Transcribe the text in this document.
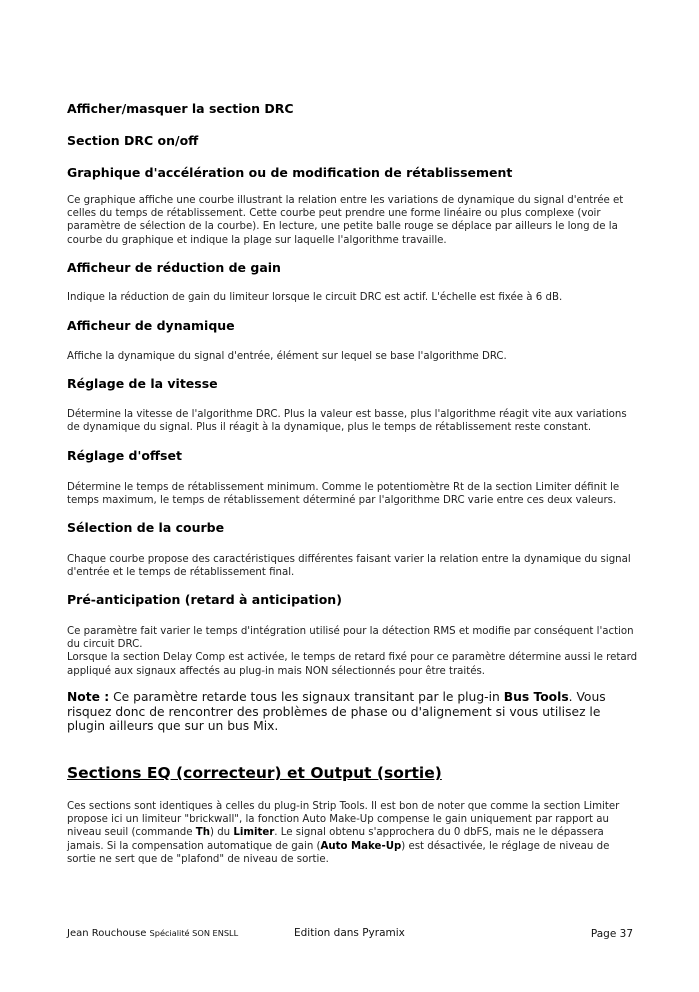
Afficher/masquer la section DRC
Section DRC on/off
Graphique d'accélération ou de modification de rétablissement
Ce graphique affiche une courbe illustrant la relation entre les variations de dynamique du signal d'entrée et celles du temps de rétablissement. Cette courbe peut prendre une forme linéaire ou plus complexe (voir paramètre de sélection de la courbe). En lecture, une petite balle rouge se déplace par ailleurs le long de la courbe du graphique et indique la plage sur laquelle l'algorithme travaille.
Afficheur de réduction de gain
Indique la réduction de gain du limiteur lorsque le circuit DRC est actif. L'échelle est fixée à 6 dB.
Afficheur de dynamique
Affiche la dynamique du signal d'entrée, élément sur lequel se base l'algorithme DRC.
Réglage de la vitesse
Détermine la vitesse de l'algorithme DRC. Plus la valeur est basse, plus l'algorithme réagit vite aux variations de dynamique du signal. Plus il réagit à la dynamique, plus le temps de rétablissement reste constant.
Réglage d'offset
Détermine le temps de rétablissement minimum. Comme le potentiomètre Rt de la section Limiter définit le temps maximum, le temps de rétablissement déterminé par l'algorithme DRC varie entre ces deux valeurs.
Sélection de la courbe
Chaque courbe propose des caractéristiques différentes faisant varier la relation entre la dynamique du signal d'entrée et le temps de rétablissement final.
Pré-anticipation (retard à anticipation)
Ce paramètre fait varier le temps d'intégration utilisé pour la détection RMS et modifie par conséquent l'action du circuit DRC.
Lorsque la section Delay Comp est activée, le temps de retard fixé pour ce paramètre détermine aussi le retard appliqué aux signaux affectés au plug-in mais NON sélectionnés pour être traités.
Note : Ce paramètre retarde tous les signaux transitant par le plug-in Bus Tools. Vous risquez donc de rencontrer des problèmes de phase ou d'alignement si vous utilisez le plugin ailleurs que sur un bus Mix.
Sections EQ (correcteur) et Output (sortie)
Ces sections sont identiques à celles du plug-in Strip Tools. Il est bon de noter que comme la section Limiter propose ici un limiteur "brickwall", la fonction Auto Make-Up compense le gain uniquement par rapport au niveau seuil (commande Th) du Limiter. Le signal obtenu s'approchera du 0 dbFS, mais ne le dépassera jamais. Si la compensation automatique de gain (Auto Make-Up) est désactivée, le réglage de niveau de sortie ne sert que de "plafond" de niveau de sortie.
Jean Rouchouse Spécialité SON ENSLL	Edition dans Pyramix	Page 37
